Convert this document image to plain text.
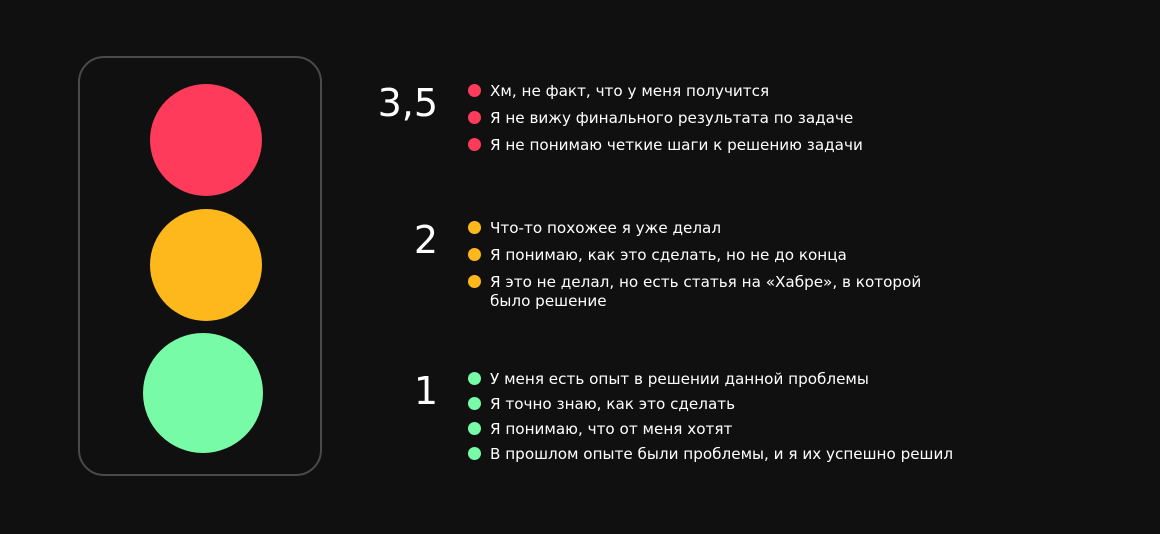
3,5	Хм, не факт, что у меня получится
Я не вижу финального результата по задаче
Я не понимаю четкие шаги к решению задачи
2	Что-то похожее я уже делал
Я понимаю, как это сделать, но не до конца
Я это не делал, но есть статья на «Хабре», в которой было решение
1	У меня есть опыт в решении данной проблемы
Я точно знаю, как это сделать
Я понимаю, что от меня хотят
В прошлом опыте были проблемы, и я их успешно решил
